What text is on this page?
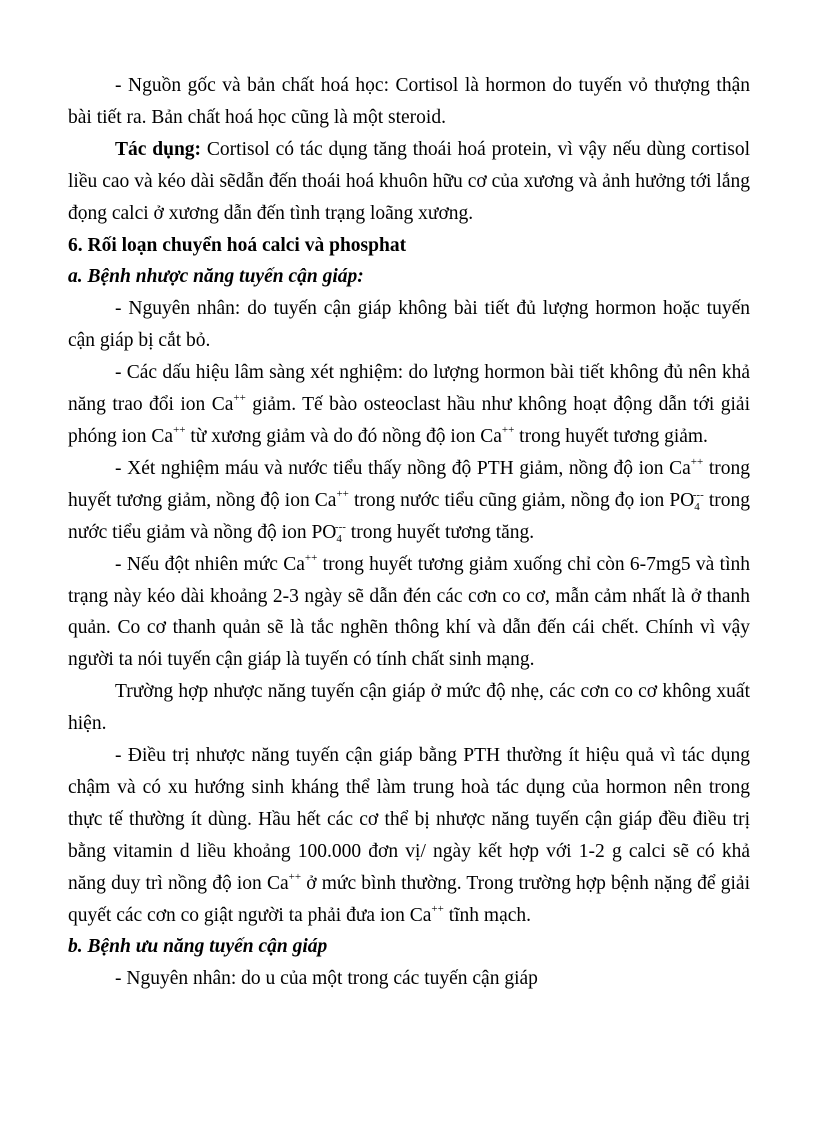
- Nguồn gốc và bản chất hoá học: Cortisol là hormon do tuyến vỏ thượng thận bài tiết ra. Bản chất hoá học cũng là một steroid.

Tác dụng: Cortisol có tác dụng tăng thoái hoá protein, vì vậy nếu dùng cortisol liều cao và kéo dài sẽdẫn đến thoái hoá khuôn hữu cơ của xương và ảnh hưởng tới lắng đọng calci ở xương dẫn đến tình trạng loãng xương.

6. Rối loạn chuyển hoá calci và phosphat

a. Bệnh nhược năng tuyến cận giáp:

- Nguyên nhân: do tuyến cận giáp không bài tiết đủ lượng hormon hoặc tuyến cận giáp bị cắt bỏ.

- Các dấu hiệu lâm sàng xét nghiệm: do lượng hormon bài tiết không đủ nên khả năng trao đổi ion Ca++ giảm. Tế bào osteoclast hầu như không hoạt động dẫn tới giải phóng ion Ca++ từ xương giảm và do đó nồng độ ion Ca++ trong huyết tương giảm.

- Xét nghiệm máu và nước tiểu thấy nồng độ PTH giảm, nồng độ ion Ca++ trong huyết tương giảm, nồng độ ion Ca++ trong nước tiểu cũng giảm, nồng đọ ion $PO_4^{---}$ trong nước tiểu giảm và nồng độ ion $PO_4^{---}$ trong huyết tương tăng.

- Nếu đột nhiên mức Ca++ trong huyết tương giảm xuống chỉ còn 6-7mg5 và tình trạng này kéo dài khoảng 2-3 ngày sẽ dẫn đén các cơn co cơ, mẫn cảm nhất là ở thanh quản. Co cơ thanh quản sẽ là tắc nghẽn thông khí và dẫn đến cái chết. Chính vì vậy người ta nói tuyến cận giáp là tuyến có tính chất sinh mạng.

Trường hợp nhược năng tuyến cận giáp ở mức độ nhẹ, các cơn co cơ không xuất hiện.

- Điều trị nhược năng tuyến cận giáp bằng PTH thường ít hiệu quả vì tác dụng chậm và có xu hướng sinh kháng thể làm trung hoà tác dụng của hormon nên trong thực tế thường ít dùng. Hầu hết các cơ thể bị nhược năng tuyến cận giáp đều điều trị bằng vitamin d liều khoảng 100.000 đơn vị/ ngày kết hợp với 1-2 g calci sẽ có khả năng duy trì nồng độ ion Ca++ ở mức bình thường. Trong trường hợp bệnh nặng để giải quyết các cơn co giật người ta phải đưa ion Ca++ tĩnh mạch.

b. Bệnh ưu năng tuyến cận giáp

- Nguyên nhân: do u của một trong các tuyến cận giáp
